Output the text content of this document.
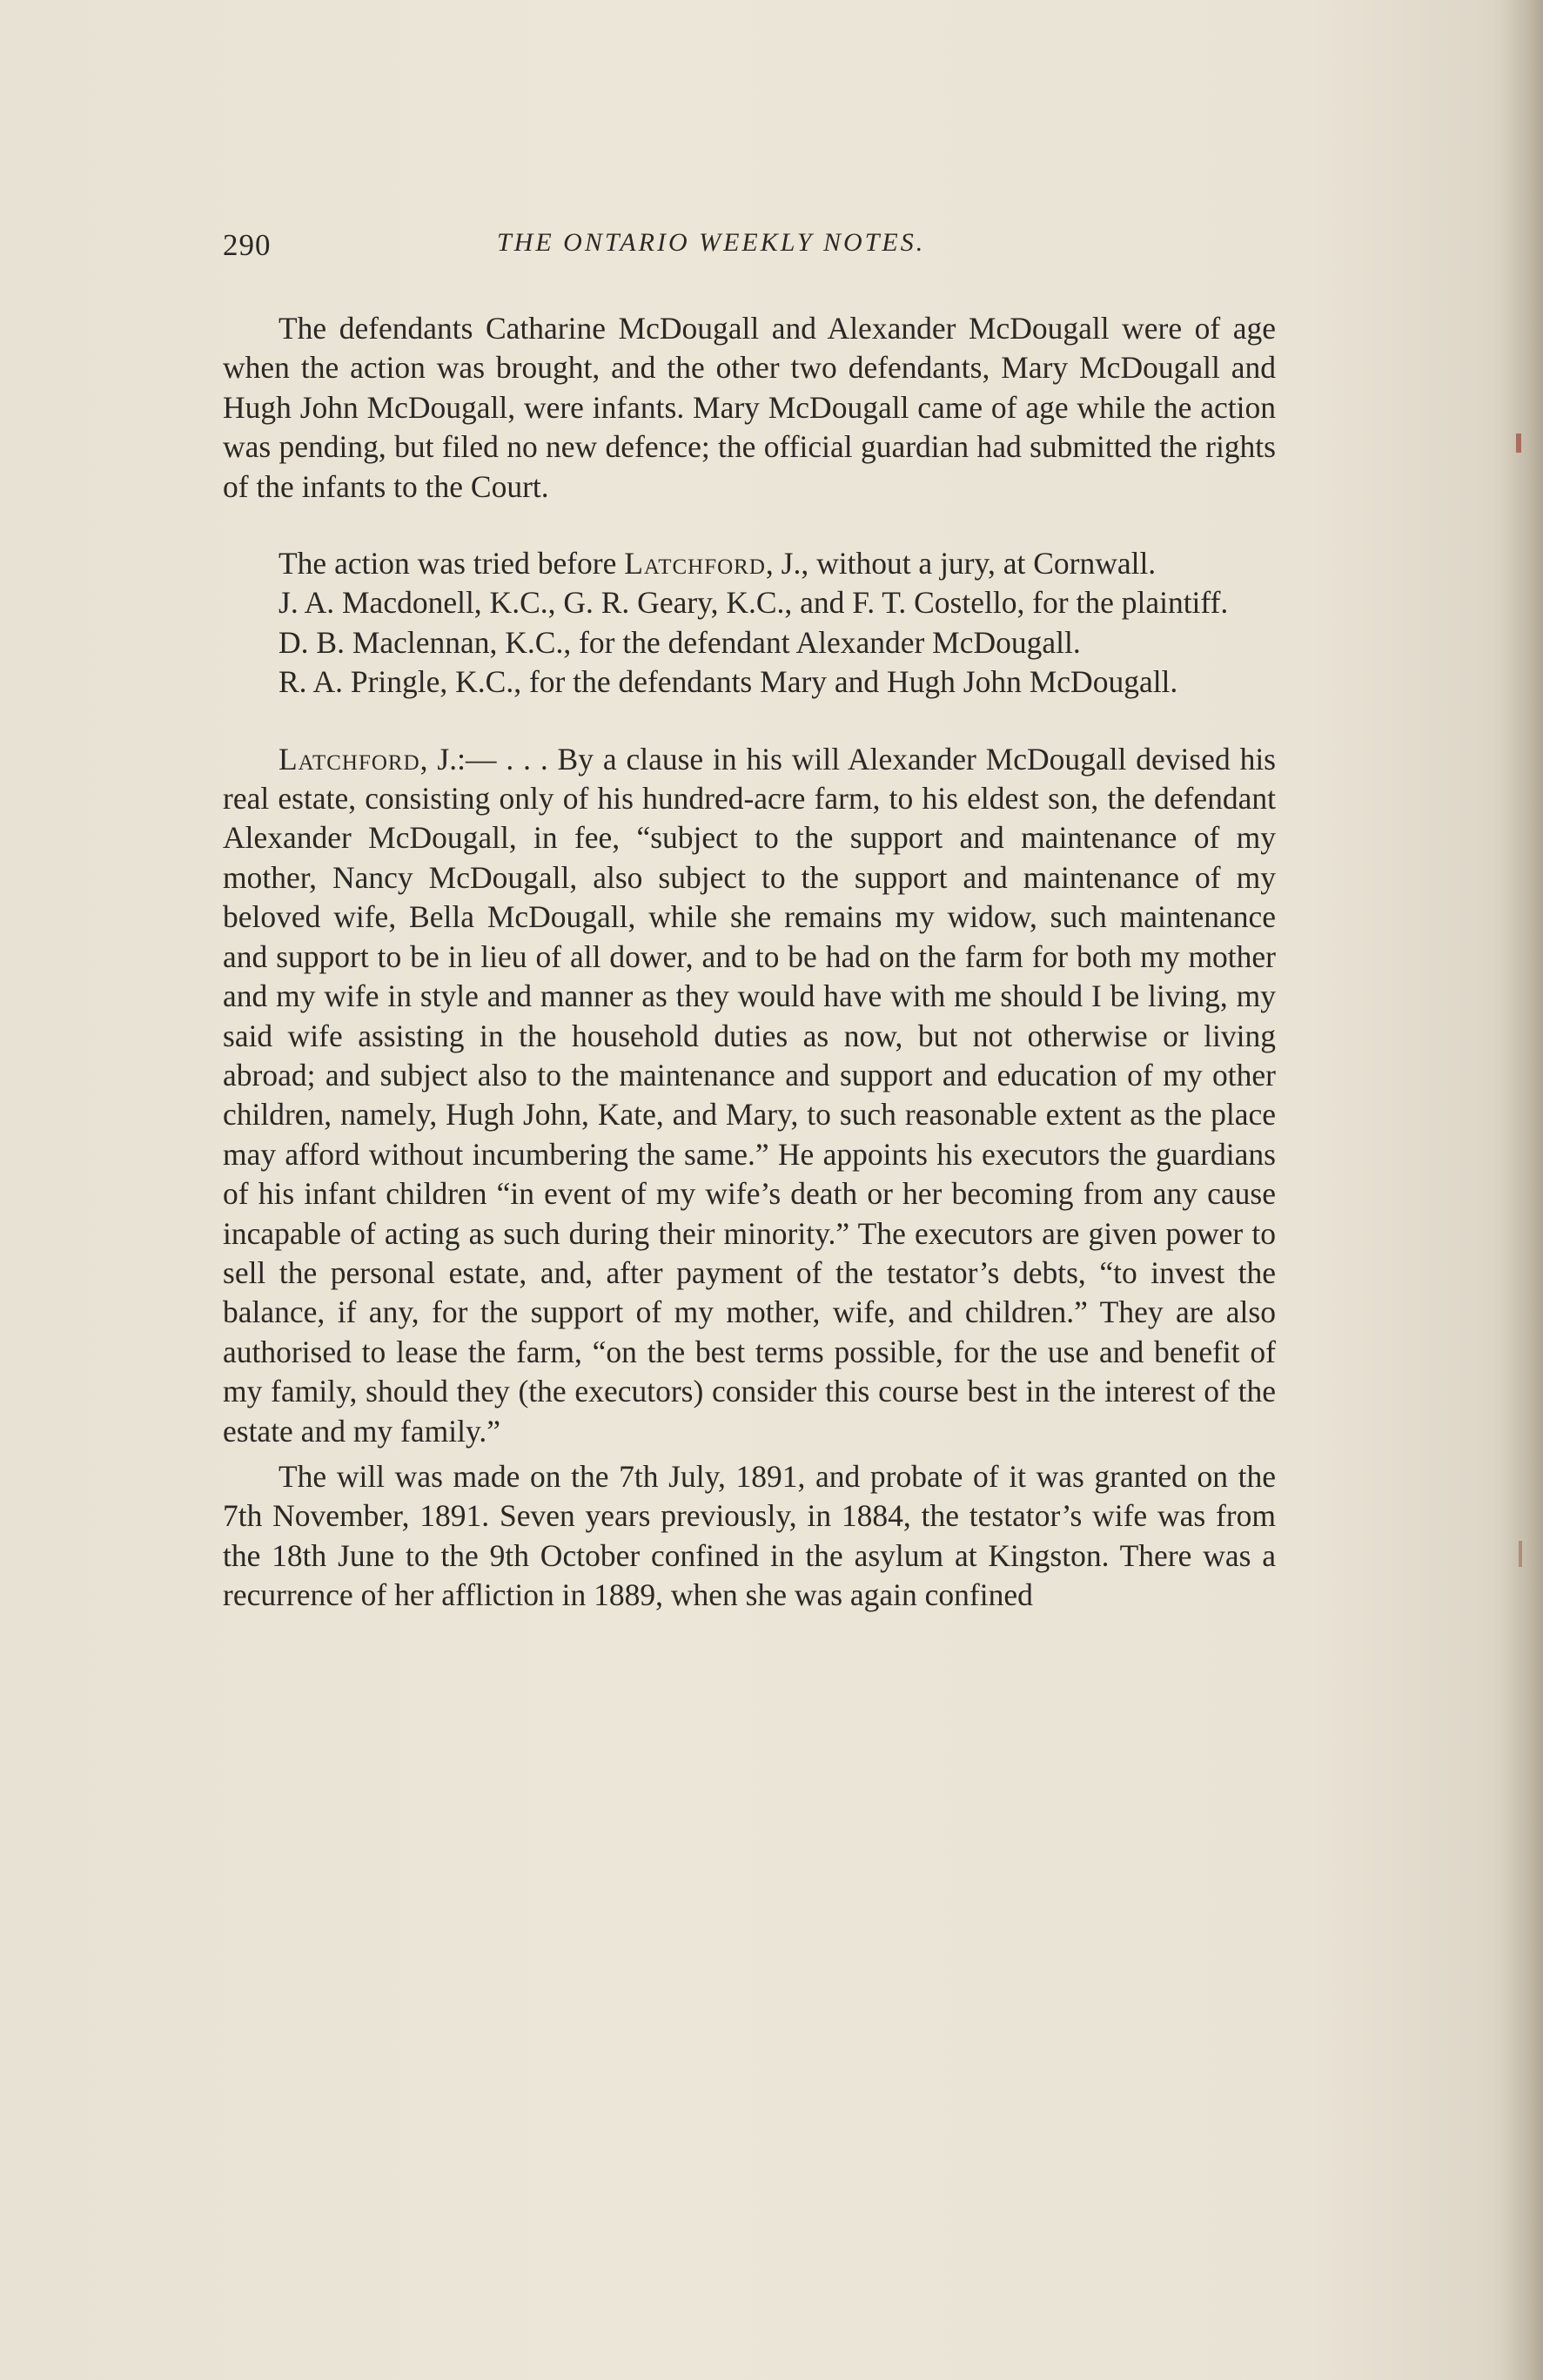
290	THE ONTARIO WEEKLY NOTES.

The defendants Catharine McDougall and Alexander McDougall were of age when the action was brought, and the other two defendants, Mary McDougall and Hugh John McDougall, were infants. Mary McDougall came of age while the action was pending, but filed no new defence; the official guardian had submitted the rights of the infants to the Court.

The action was tried before Latchford, J., without a jury, at Cornwall.

J. A. Macdonell, K.C., G. R. Geary, K.C., and F. T. Costello, for the plaintiff.

D. B. Maclennan, K.C., for the defendant Alexander McDougall.

R. A. Pringle, K.C., for the defendants Mary and Hugh John McDougall.

Latchford, J.:— . . . By a clause in his will Alexander McDougall devised his real estate, consisting only of his hundred-acre farm, to his eldest son, the defendant Alexander McDougall, in fee, “subject to the support and maintenance of my mother, Nancy McDougall, also subject to the support and maintenance of my beloved wife, Bella McDougall, while she remains my widow, such maintenance and support to be in lieu of all dower, and to be had on the farm for both my mother and my wife in style and manner as they would have with me should I be living, my said wife assisting in the household duties as now, but not otherwise or living abroad; and subject also to the maintenance and support and education of my other children, namely, Hugh John, Kate, and Mary, to such reasonable extent as the place may afford without incumbering the same.” He appoints his executors the guardians of his infant children “in event of my wife’s death or her becoming from any cause incapable of acting as such during their minority.” The executors are given power to sell the personal estate, and, after payment of the testator’s debts, “to invest the balance, if any, for the support of my mother, wife, and children.” They are also authorised to lease the farm, “on the best terms possible, for the use and benefit of my family, should they (the executors) consider this course best in the interest of the estate and my family.”

The will was made on the 7th July, 1891, and probate of it was granted on the 7th November, 1891. Seven years previously, in 1884, the testator’s wife was from the 18th June to the 9th October confined in the asylum at Kingston. There was a recurrence of her affliction in 1889, when she was again confined
